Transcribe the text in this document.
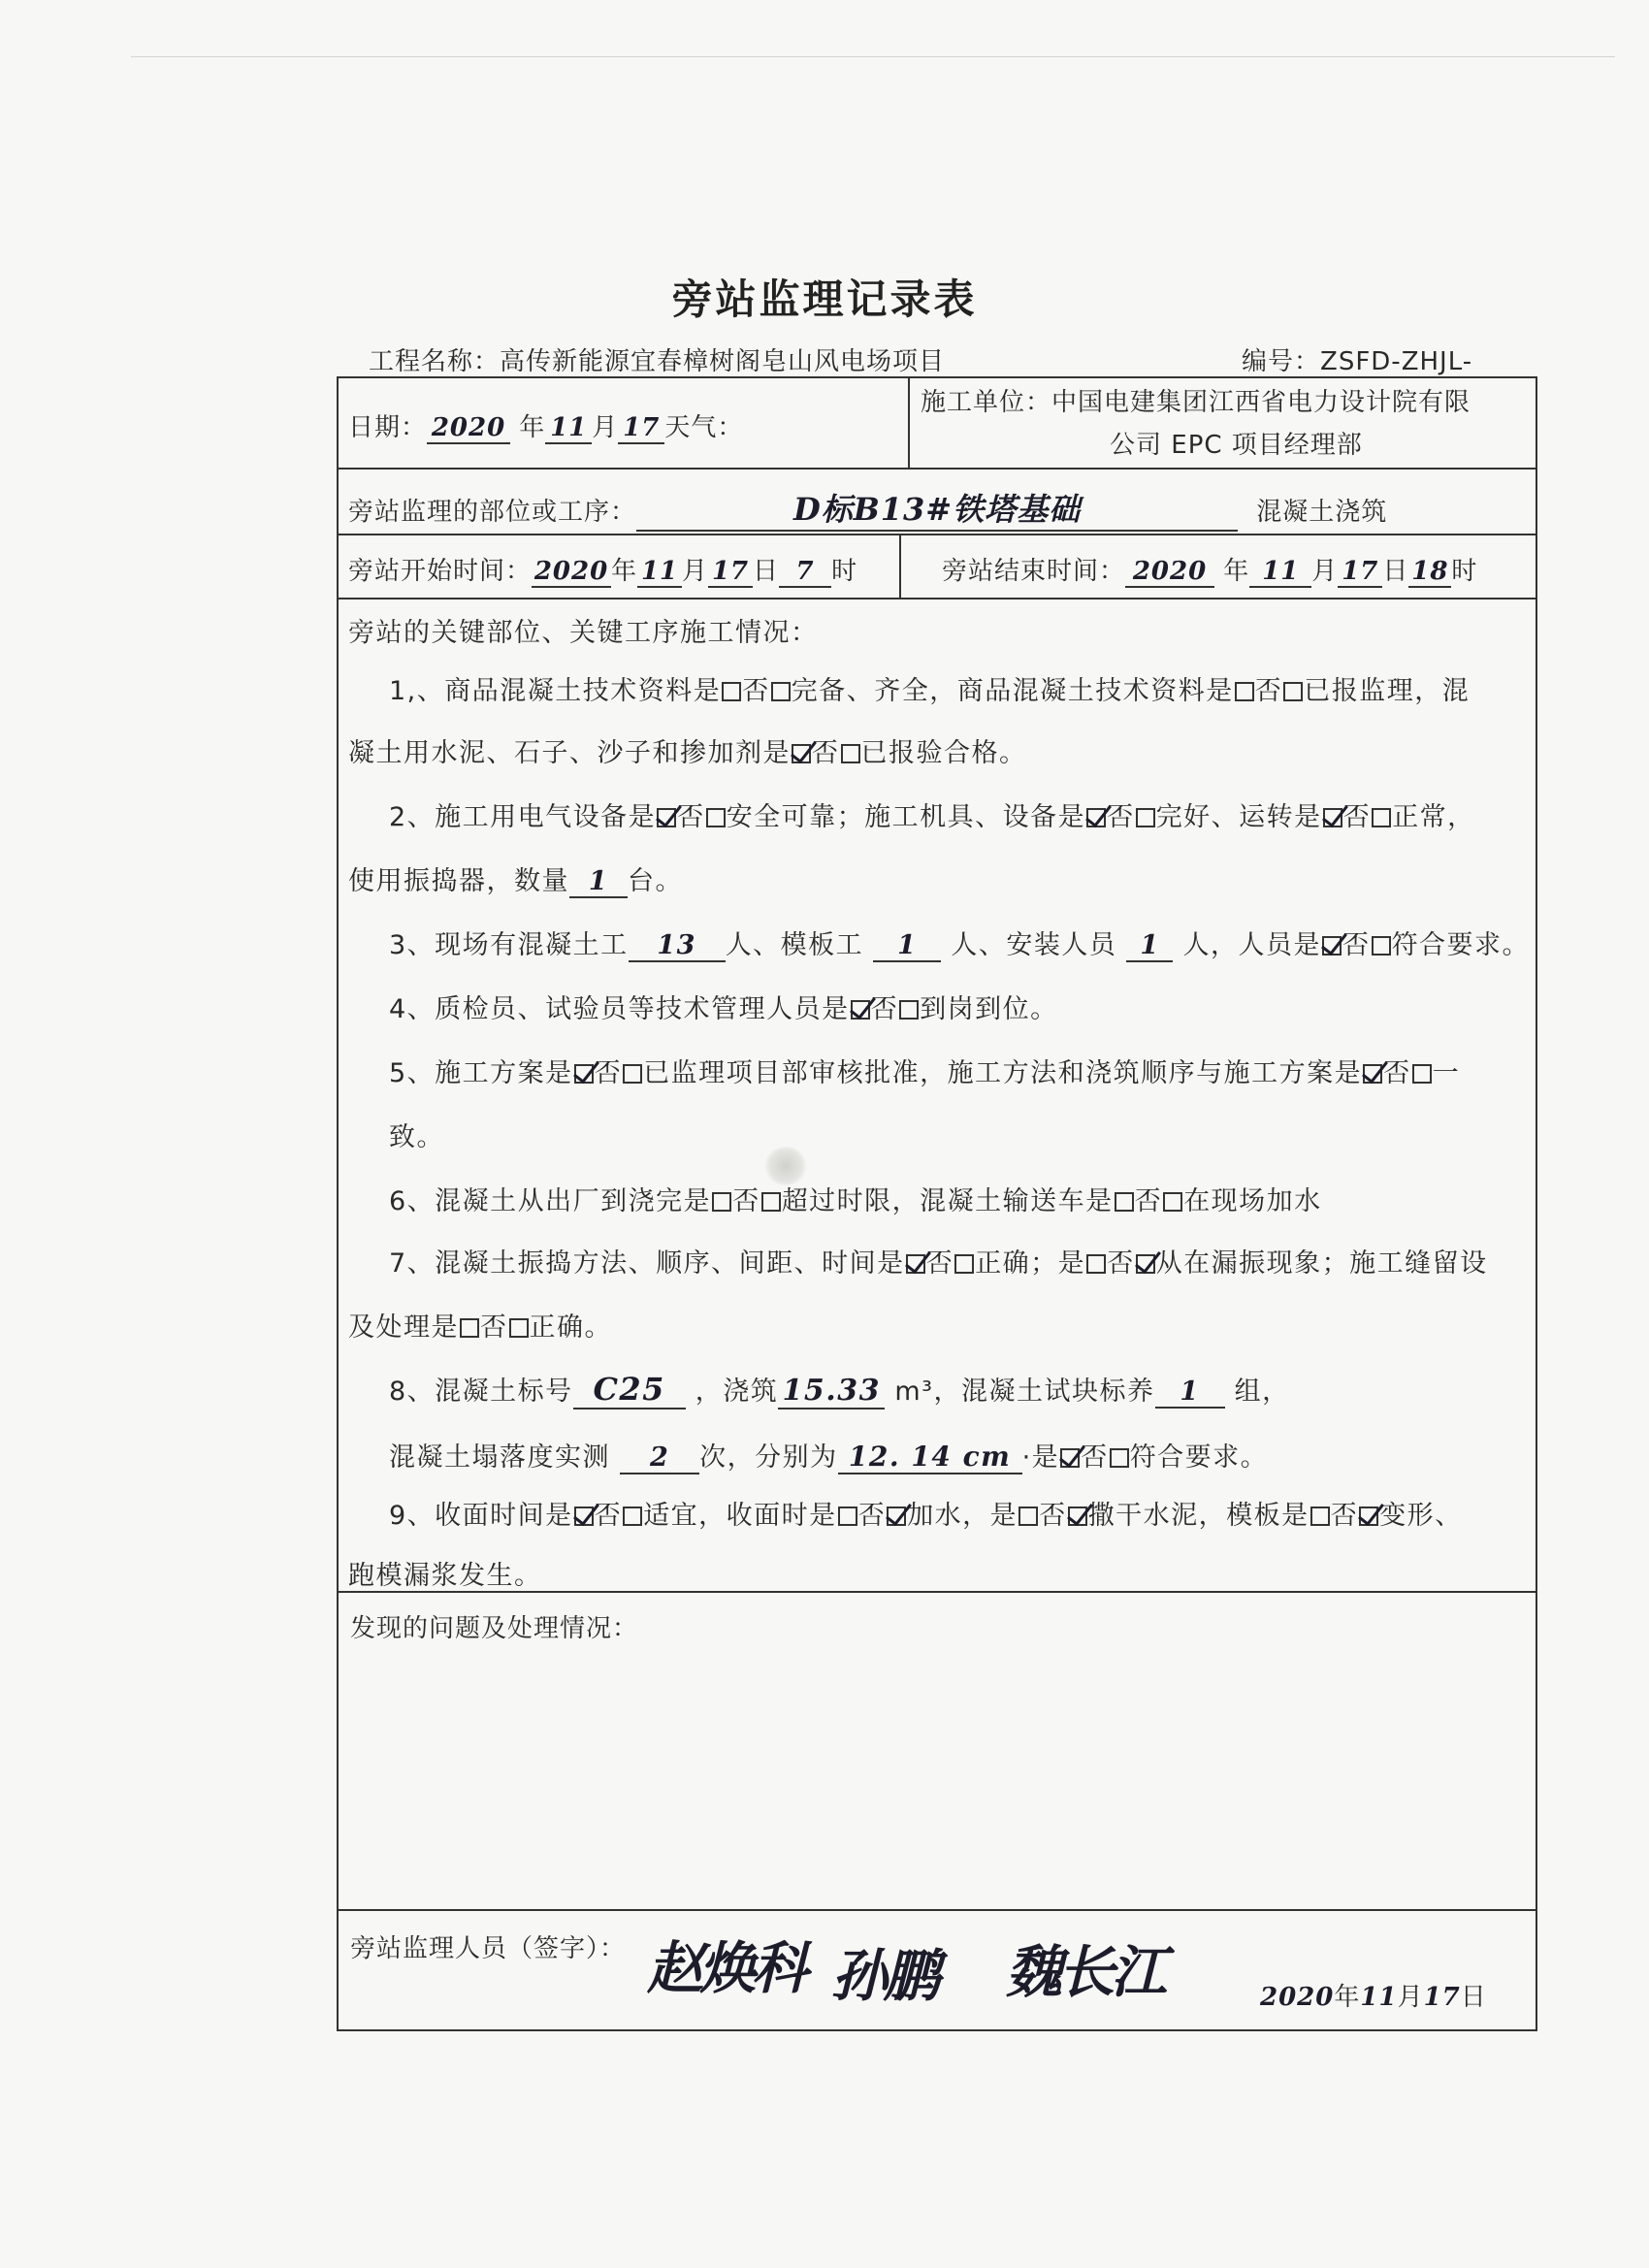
旁站监理记录表
工程名称：高传新能源宜春樟树阁皂山风电场项目	编号：ZSFD-ZHJL-
日期： 2020 年 11 月 17 天气：
施工单位：中国电建集团江西省电力设计院有限
公司 EPC 项目经理部
旁站监理的部位或工序：	D标B13#铁塔基础	混凝土浇筑
旁站开始时间： 2020 年 11 月 17 日 7 时	旁站结束时间： 2020 年 11 月 17 日 18 时
旁站的关键部位、关键工序施工情况：
1,、商品混凝土技术资料是 否 完备、齐全，商品混凝土技术资料是 否 已报监理，混
凝土用水泥、石子、沙子和掺加剂是 否 已报验合格。
2、施工用电气设备是 否 安全可靠；施工机具、设备是 否 完好、运转是 否 正常，
使用振捣器，数量 1 台。
3、现场有混凝土工 13 人、模板工 1 人、安装人员 1 人，人员是 否 符合要求。
4、质检员、试验员等技术管理人员是 否 到岗到位。
5、施工方案是 否 已监理项目部审核批准，施工方法和浇筑顺序与施工方案是 否 一
致。
6、混凝土从出厂到浇完是 否 超过时限，混凝土输送车是 否 在现场加水
7、混凝土振捣方法、顺序、间距、时间是 否 正确；是 否 从在漏振现象；施工缝留设
及处理是 否 正确。
8、混凝土标号 C25 ，浇筑 15.33 m³，混凝土试块标养 1 组，
混凝土塌落度实测 2 次，分别为 12. 14 cm ·是 否 符合要求。
9、收面时间是 否 适宜，收面时是 否 加水，是 否 撒干水泥，模板是 否 变形、
跑模漏浆发生。
发现的问题及处理情况：
旁站监理人员（签字）： 赵焕科 孙鹏 魏长江	2020年11月17日
